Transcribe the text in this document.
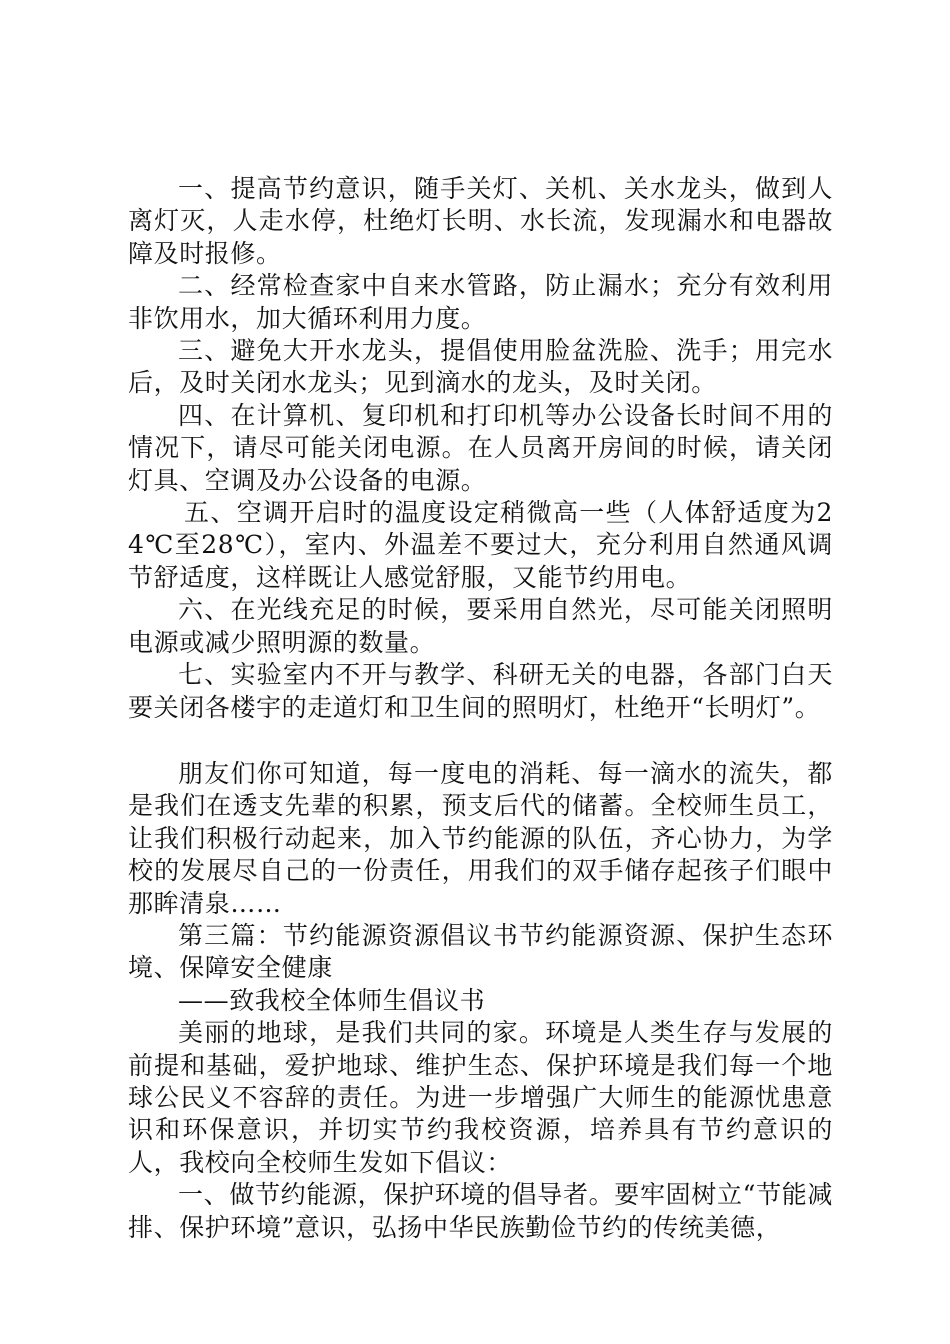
一、提高节约意识，随手关灯、关机、关水龙头，做到人离灯灭，人走水停，杜绝灯长明、水长流，发现漏水和电器故障及时报修。

二、经常检查家中自来水管路，防止漏水；充分有效利用非饮用水，加大循环利用力度。

三、避免大开水龙头，提倡使用脸盆洗脸、洗手；用完水后，及时关闭水龙头；见到滴水的龙头，及时关闭。

四、在计算机、复印机和打印机等办公设备长时间不用的情况下，请尽可能关闭电源。在人员离开房间的时候，请关闭灯具、空调及办公设备的电源。

五、空调开启时的温度设定稍微高一些（人体舒适度为24℃至28℃），室内、外温差不要过大，充分利用自然通风调节舒适度，这样既让人感觉舒服，又能节约用电。

六、在光线充足的时候，要采用自然光，尽可能关闭照明电源或减少照明源的数量。

七、实验室内不开与教学、科研无关的电器，各部门白天要关闭各楼宇的走道灯和卫生间的照明灯，杜绝开“长明灯”。

朋友们你可知道，每一度电的消耗、每一滴水的流失，都是我们在透支先辈的积累，预支后代的储蓄。全校师生员工，让我们积极行动起来，加入节约能源的队伍，齐心协力，为学校的发展尽自己的一份责任，用我们的双手储存起孩子们眼中那眸清泉……

第三篇：节约能源资源倡议书节约能源资源、保护生态环境、保障安全健康

——致我校全体师生倡议书

美丽的地球，是我们共同的家。环境是人类生存与发展的前提和基础，爱护地球、维护生态、保护环境是我们每一个地球公民义不容辞的责任。为进一步增强广大师生的能源忧患意识和环保意识，并切实节约我校资源，培养具有节约意识的人，我校向全校师生发如下倡议：

一、做节约能源，保护环境的倡导者。要牢固树立“节能减排、保护环境”意识，弘扬中华民族勤俭节约的传统美德，
